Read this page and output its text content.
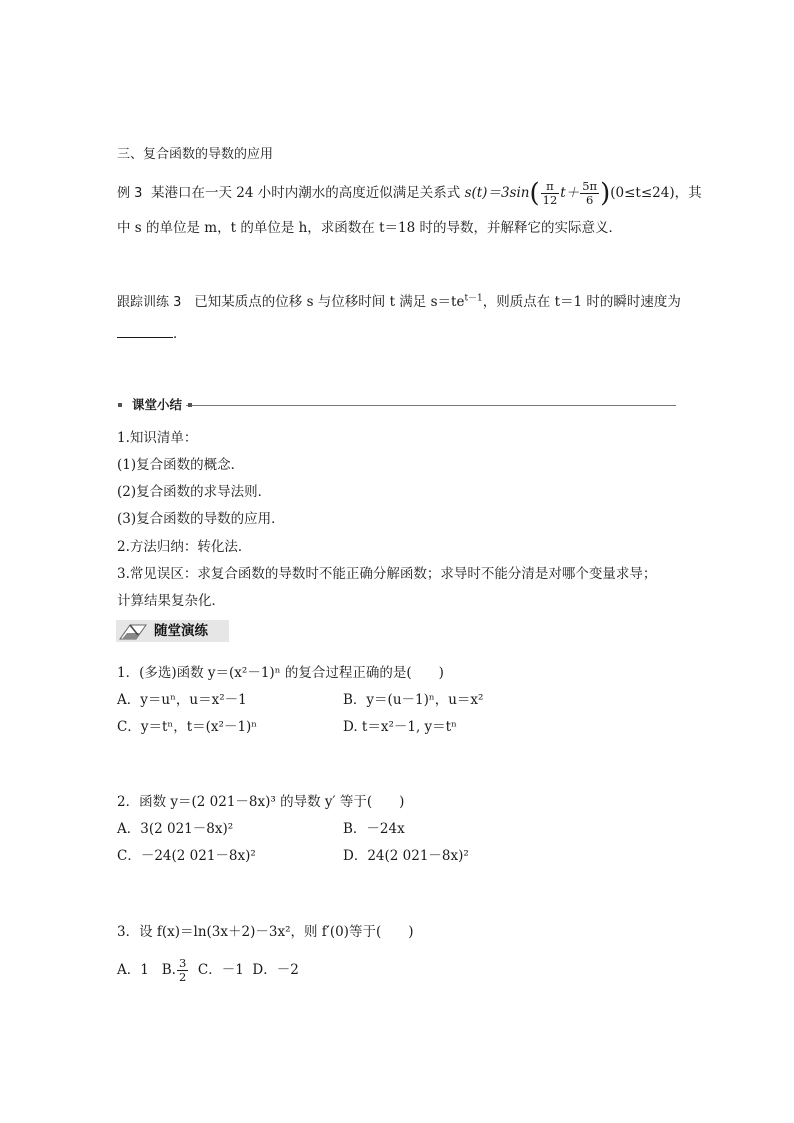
三、复合函数的导数的应用
例 3 某港口在一天 24 小时内潮水的高度近似满足关系式 $s(t)=3\sin( \frac{\pi}{12} t+ \frac{5\pi}{6} )(0\le t\le 24)$，其
中 s 的单位是 m，t 的单位是 h，求函数在 t＝18 时的导数，并解释它的实际意义．
跟踪训练 3 已知某质点的位移 s 与位移时间 t 满足 $s=te^{t-1}$，则质点在 t＝1 时的瞬时速度为
．
课堂小结
1.知识清单：
(1)复合函数的概念．
(2)复合函数的求导法则．
(3)复合函数的导数的应用．
2.方法归纳：转化法．
3.常见误区：求复合函数的导数时不能正确分解函数；求导时不能分清是对哪个变量求导；
计算结果复杂化．
随堂演练
1．(多选)函数 y＝(x²－1)ⁿ 的复合过程正确的是(　　)
A．y＝uⁿ，u＝x²－1	B．y＝(u－1)ⁿ，u＝x²
C．y＝tⁿ，t＝(x²－1)ⁿ	D. t＝x²－1, y＝tⁿ
2．函数 y＝(2 021－8x)³ 的导数 y′ 等于(　　)
A．3(2 021－8x)²	B．－24x
C．－24(2 021－8x)²	D．24(2 021－8x)²
3．设 f(x)＝ln(3x＋2)－3x²，则 f′(0)等于(　　)
A．1 B. $\frac{3}{2}$ C．－1 D．－2
